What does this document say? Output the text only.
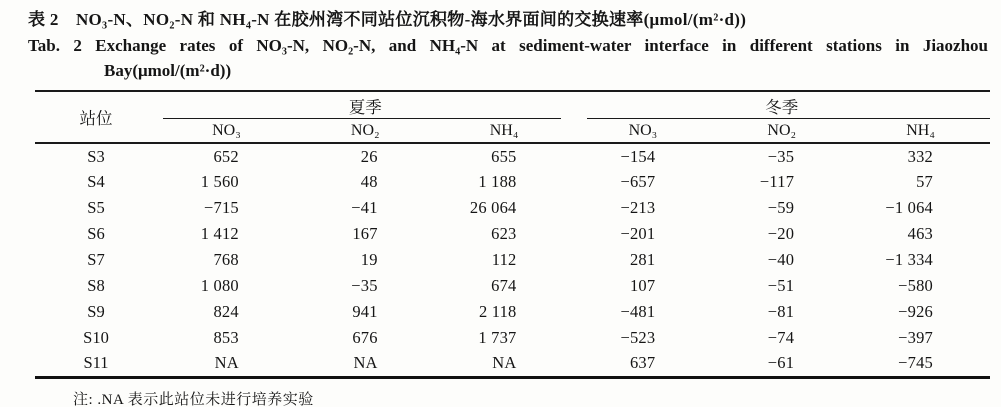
表 2　NO₃-N、NO₂-N 和 NH₄-N 在胶州湾不同站位沉积物-海水界面间的交换速率(μmol/(m²·d))
Tab. 2 Exchange rates of NO₃-N, NO₂-N, and NH₄-N at sediment-water interface in different stations in Jiaozhou
Bay(μmol/(m²·d))
站位	夏季			冬季		
	NO₃	NO₂	NH₄	NO₃	NO₂	NH₄
S3	652	26	655	−154	−35	332
S4	1 560	48	1 188	−657	−117	57
S5	−715	−41	26 064	−213	−59	−1 064
S6	1 412	167	623	−201	−20	463
S7	768	19	112	281	−40	−1 334
S8	1 080	−35	674	107	−51	−580
S9	824	941	2 118	−481	−81	−926
S10	853	676	1 737	−523	−74	−397
S11	NA	NA	NA	637	−61	−745
注: .NA 表示此站位未进行培养实验
